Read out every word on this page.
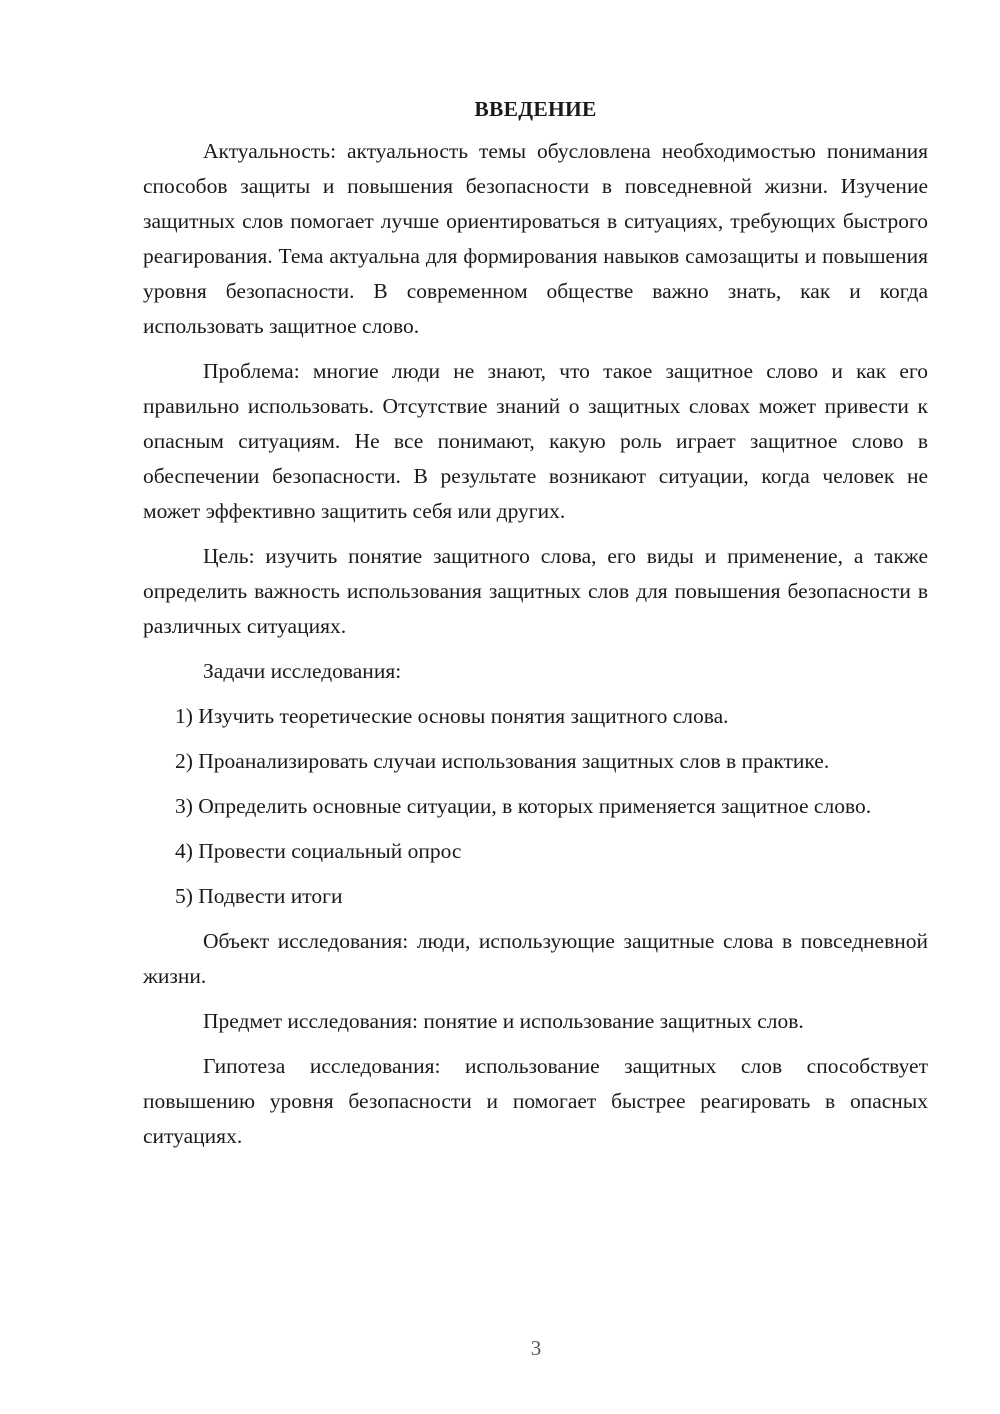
ВВЕДЕНИЕ

Актуальность: актуальность темы обусловлена необходимостью понимания способов защиты и повышения безопасности в повседневной жизни. Изучение защитных слов помогает лучше ориентироваться в ситуациях, требующих быстрого реагирования. Тема актуальна для формирования навыков самозащиты и повышения уровня безопасности. В современном обществе важно знать, как и когда использовать защитное слово.

Проблема: многие люди не знают, что такое защитное слово и как его правильно использовать. Отсутствие знаний о защитных словах может привести к опасным ситуациям. Не все понимают, какую роль играет защитное слово в обеспечении безопасности. В результате возникают ситуации, когда человек не может эффективно защитить себя или других.

Цель: изучить понятие защитного слова, его виды и применение, а также определить важность использования защитных слов для повышения безопасности в различных ситуациях.

Задачи исследования:

1) Изучить теоретические основы понятия защитного слова.

2) Проанализировать случаи использования защитных слов в практике.

3) Определить основные ситуации, в которых применяется защитное слово.

4) Провести социальный опрос

5) Подвести итоги

Объект исследования: люди, использующие защитные слова в повседневной жизни.

Предмет исследования: понятие и использование защитных слов.

Гипотеза исследования: использование защитных слов способствует повышению уровня безопасности и помогает быстрее реагировать в опасных ситуациях.

3
